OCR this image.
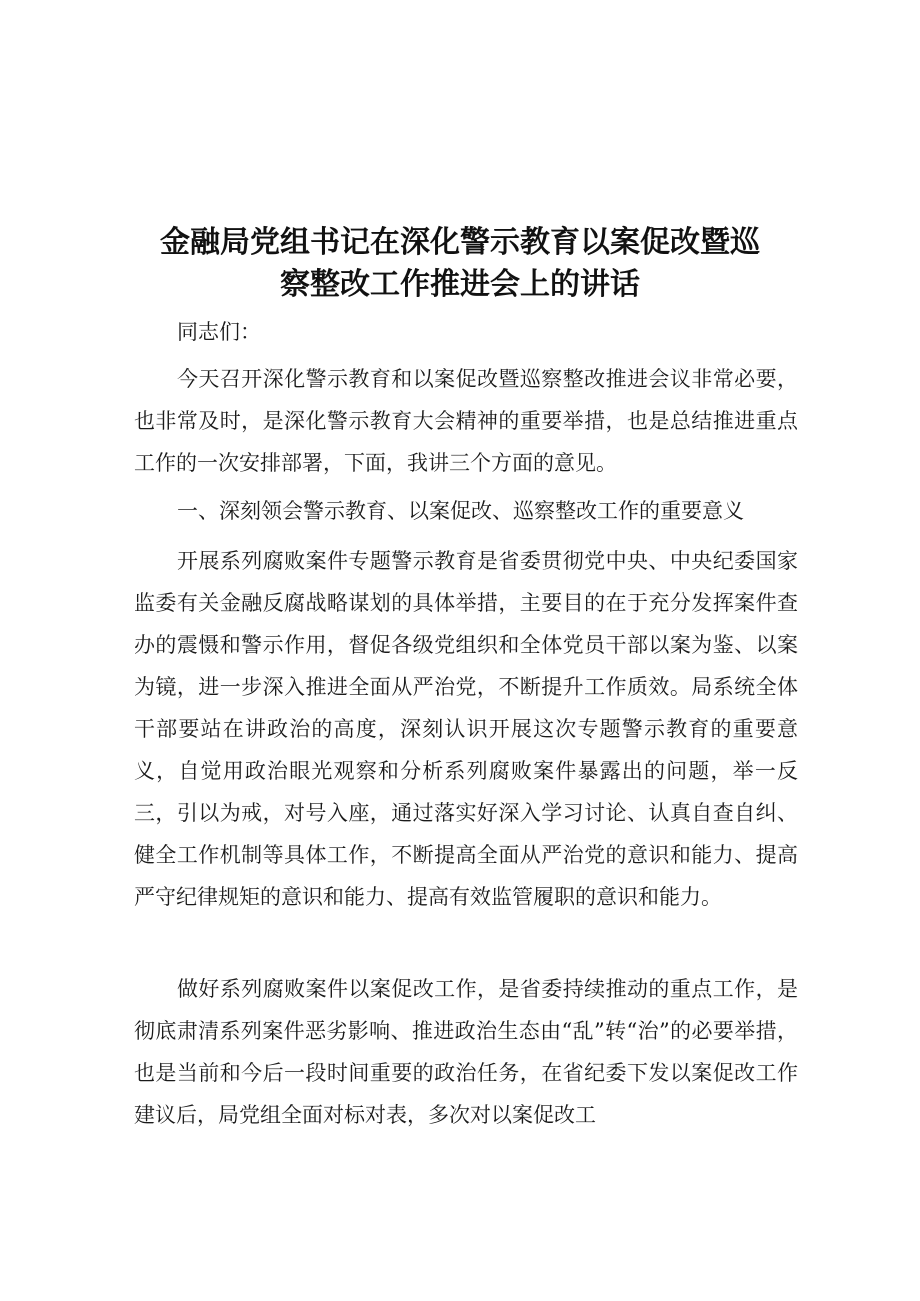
金融局党组书记在深化警示教育以案促改暨巡
察整改工作推进会上的讲话
同志们：

今天召开深化警示教育和以案促改暨巡察整改推进会议非常必要，也非常及时，是深化警示教育大会精神的重要举措，也是总结推进重点工作的一次安排部署，下面，我讲三个方面的意见。

一、深刻领会警示教育、以案促改、巡察整改工作的重要意义

开展系列腐败案件专题警示教育是省委贯彻党中央、中央纪委国家监委有关金融反腐战略谋划的具体举措，主要目的在于充分发挥案件查办的震慑和警示作用，督促各级党组织和全体党员干部以案为鉴、以案为镜，进一步深入推进全面从严治党，不断提升工作质效。局系统全体干部要站在讲政治的高度，深刻认识开展这次专题警示教育的重要意义，自觉用政治眼光观察和分析系列腐败案件暴露出的问题，举一反三，引以为戒，对号入座，通过落实好深入学习讨论、认真自查自纠、健全工作机制等具体工作，不断提高全面从严治党的意识和能力、提高严守纪律规矩的意识和能力、提高有效监管履职的意识和能力。

做好系列腐败案件以案促改工作，是省委持续推动的重点工作，是彻底肃清系列案件恶劣影响、推进政治生态由“乱”转“治”的必要举措，也是当前和今后一段时间重要的政治任务，在省纪委下发以案促改工作建议后，局党组全面对标对表，多次对以案促改工
